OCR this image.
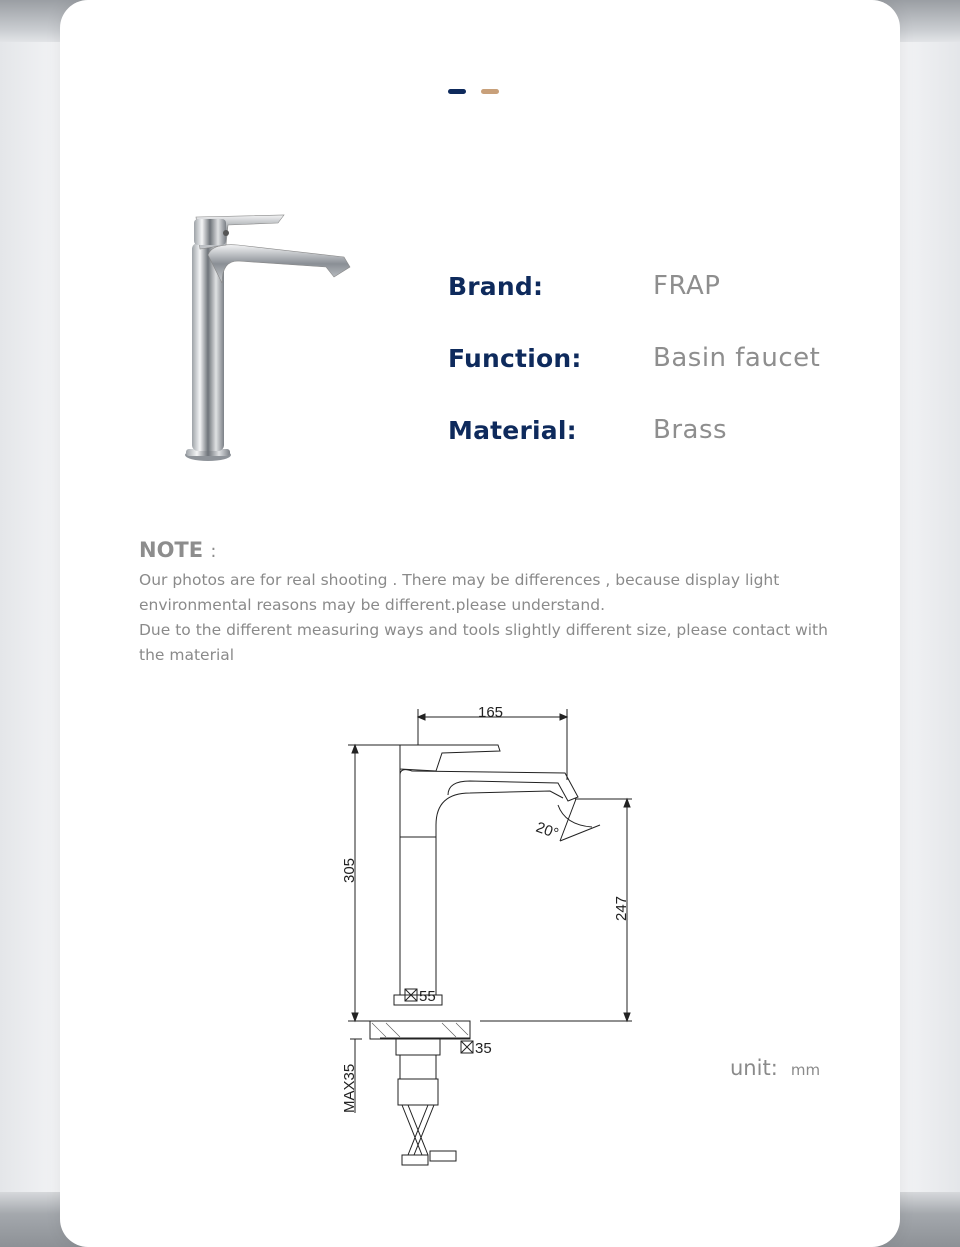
Brand:	FRAP
Function:	Basin faucet
Material:	Brass
NOTE :

Our photos are for real shooting . There may be differences , because display light environmental reasons may be different.please understand.

Due to the different measuring ways and tools slightly different size, please contact with the material

165
305
247
20°
55
35
MAX35	unit: mm
